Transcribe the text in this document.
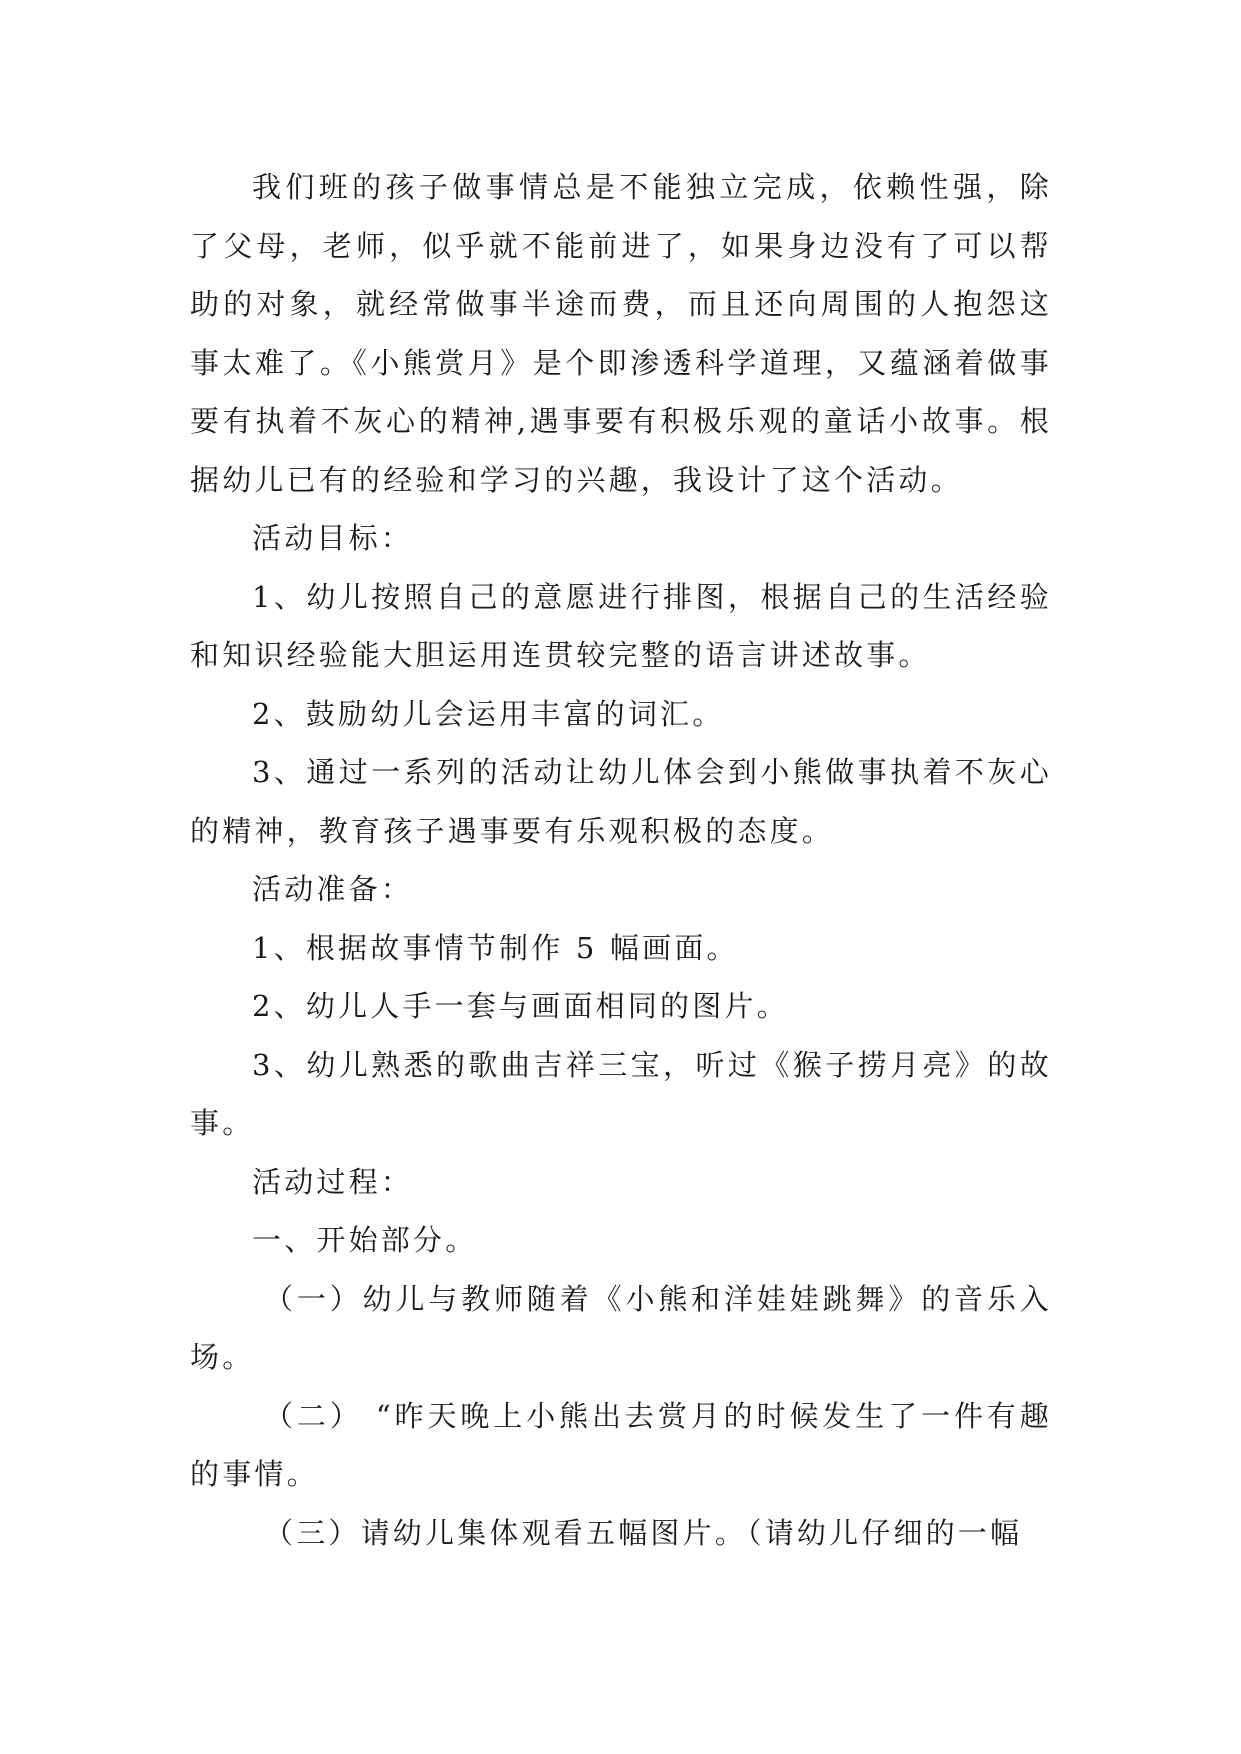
我们班的孩子做事情总是不能独立完成，依赖性强，除了父母，老师，似乎就不能前进了，如果身边没有了可以帮助的对象，就经常做事半途而费，而且还向周围的人抱怨这事太难了。《小熊赏月》是个即渗透科学道理，又蕴涵着做事要有执着不灰心的精神,遇事要有积极乐观的童话小故事。根据幼儿已有的经验和学习的兴趣，我设计了这个活动。

活动目标：

1、幼儿按照自己的意愿进行排图，根据自己的生活经验和知识经验能大胆运用连贯较完整的语言讲述故事。

2、鼓励幼儿会运用丰富的词汇。

3、通过一系列的活动让幼儿体会到小熊做事执着不灰心的精神，教育孩子遇事要有乐观积极的态度。

活动准备：

1、根据故事情节制作 5 幅画面。

2、幼儿人手一套与画面相同的图片。

3、幼儿熟悉的歌曲吉祥三宝，听过《猴子捞月亮》的故事。

活动过程：

一、开始部分。

（一）幼儿与教师随着《小熊和洋娃娃跳舞》的音乐入场。

（二） “昨天晚上小熊出去赏月的时候发生了一件有趣的事情。

（三）请幼儿集体观看五幅图片。（请幼儿仔细的一幅
